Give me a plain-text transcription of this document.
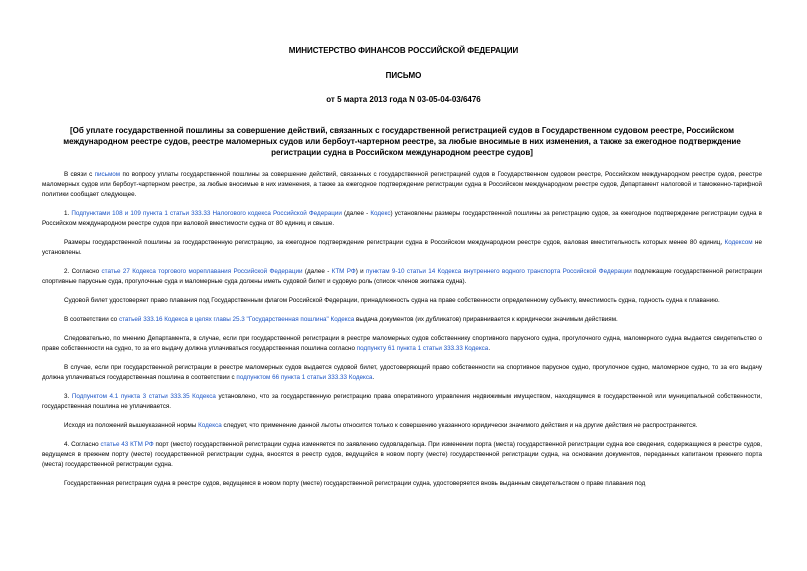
МИНИСТЕРСТВО ФИНАНСОВ РОССИЙСКОЙ ФЕДЕРАЦИИ
ПИСЬМО
от 5 марта 2013 года N 03-05-04-03/6476
[Об уплате государственной пошлины за совершение действий, связанных с государственной регистрацией судов в Государственном судовом реестре, Российском международном реестре судов, реестре маломерных судов или бербоут-чартерном реестре, за любые вносимые в них изменения, а также за ежегодное подтверждение регистрации судна в Российском международном реестре судов]

В связи с письмом по вопросу уплаты государственной пошлины за совершение действий, связанных с государственной регистрацией судов в Государственном судовом реестре, Российском международном реестре судов, реестре маломерных судов или бербоут-чартерном реестре, за любые вносимые в них изменения, а также за ежегодное подтверждение регистрации судна в Российском международном реестре судов, Департамент налоговой и таможенно-тарифной политики сообщает следующее.

1. Подпунктами 108 и 109 пункта 1 статьи 333.33 Налогового кодекса Российской Федерации (далее - Кодекс) установлены размеры государственной пошлины за регистрацию судов, за ежегодное подтверждение регистрации судна в Российском международном реестре судов при валовой вместимости судна от 80 единиц и свыше.

Размеры государственной пошлины за государственную регистрацию, за ежегодное подтверждение регистрации судна в Российском международном реестре судов, валовая вместительность которых менее 80 единиц, Кодексом не установлены.

2. Согласно статье 27 Кодекса торгового мореплавания Российской Федерации (далее - КТМ РФ) и пунктам 9-10 статьи 14 Кодекса внутреннего водного транспорта Российской Федерации подлежащие государственной регистрации спортивные парусные суда, прогулочные суда и маломерные суда должны иметь судовой билет и судовую роль (список членов экипажа судна).

Судовой билет удостоверяет право плавания под Государственным флагом Российской Федерации, принадлежность судна на праве собственности определенному субъекту, вместимость судна, годность судна к плаванию.

В соответствии со статьей 333.16 Кодекса в целях главы 25.3 "Государственная пошлина" Кодекса выдача документов (их дубликатов) приравнивается к юридически значимым действиям.

Следовательно, по мнению Департамента, в случае, если при государственной регистрации в реестре маломерных судов собственнику спортивного парусного судна, прогулочного судна, маломерного судна выдается свидетельство о праве собственности на судно, то за его выдачу должна уплачиваться государственная пошлина согласно подпункту 61 пункта 1 статьи 333.33 Кодекса.

В случае, если при государственной регистрации в реестре маломерных судов выдается судовой билет, удостоверяющий право собственности на спортивное парусное судно, прогулочное судно, маломерное судно, то за его выдачу должна уплачиваться государственная пошлина в соответствии с подпунктом 66 пункта 1 статьи 333.33 Кодекса.

3. Подпунктом 4.1 пункта 3 статьи 333.35 Кодекса установлено, что за государственную регистрацию права оперативного управления недвижимым имуществом, находящимся в государственной или муниципальной собственности, государственная пошлина не уплачивается.

Исходя из положений вышеуказанной нормы Кодекса следует, что применение данной льготы относится только к совершению указанного юридически значимого действия и на другие действия не распространяется.

4. Согласно статье 43 КТМ РФ порт (место) государственной регистрации судна изменяется по заявлению судовладельца. При изменении порта (места) государственной регистрации судна все сведения, содержащиеся в реестре судов, ведущемся в прежнем порту (месте) государственной регистрации судна, вносятся в реестр судов, ведущийся в новом порту (месте) государственной регистрации судна, на основании документов, переданных капитаном прежнего порта (места) государственной регистрации судна.

Государственная регистрация судна в реестре судов, ведущемся в новом порту (месте) государственной регистрации судна, удостоверяется вновь выданным свидетельством о праве плавания под
